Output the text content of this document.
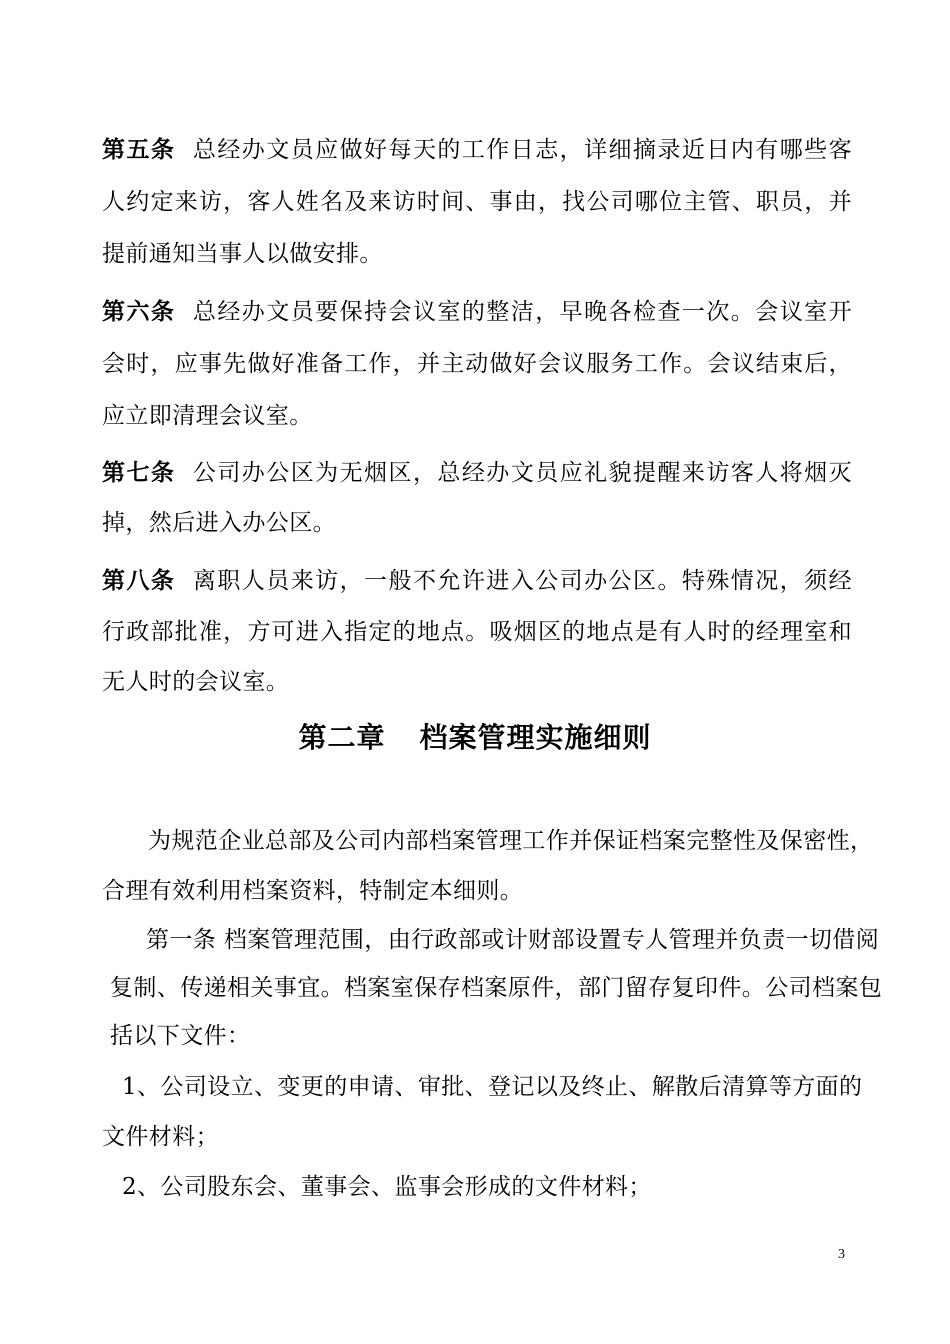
第五条 总经办文员应做好每天的工作日志，详细摘录近日内有哪些客
人约定来访，客人姓名及来访时间、事由，找公司哪位主管、职员，并
提前通知当事人以做安排。
第六条 总经办文员要保持会议室的整洁，早晚各检查一次。会议室开
会时，应事先做好准备工作，并主动做好会议服务工作。会议结束后，
应立即清理会议室。
第七条 公司办公区为无烟区，总经办文员应礼貌提醒来访客人将烟灭
掉，然后进入办公区。
第八条 离职人员来访，一般不允许进入公司办公区。特殊情况，须经
行政部批准，方可进入指定的地点。吸烟区的地点是有人时的经理室和
无人时的会议室。
第二章 档案管理实施细则
为规范企业总部及公司内部档案管理工作并保证档案完整性及保密性，
合理有效利用档案资料，特制定本细则。
第一条 档案管理范围，由行政部或计财部设置专人管理并负责一切借阅
复制、传递相关事宜。档案室保存档案原件，部门留存复印件。公司档案包
括以下文件：
1、公司设立、变更的申请、审批、登记以及终止、解散后清算等方面的
文件材料；
2、公司股东会、董事会、监事会形成的文件材料；
3
